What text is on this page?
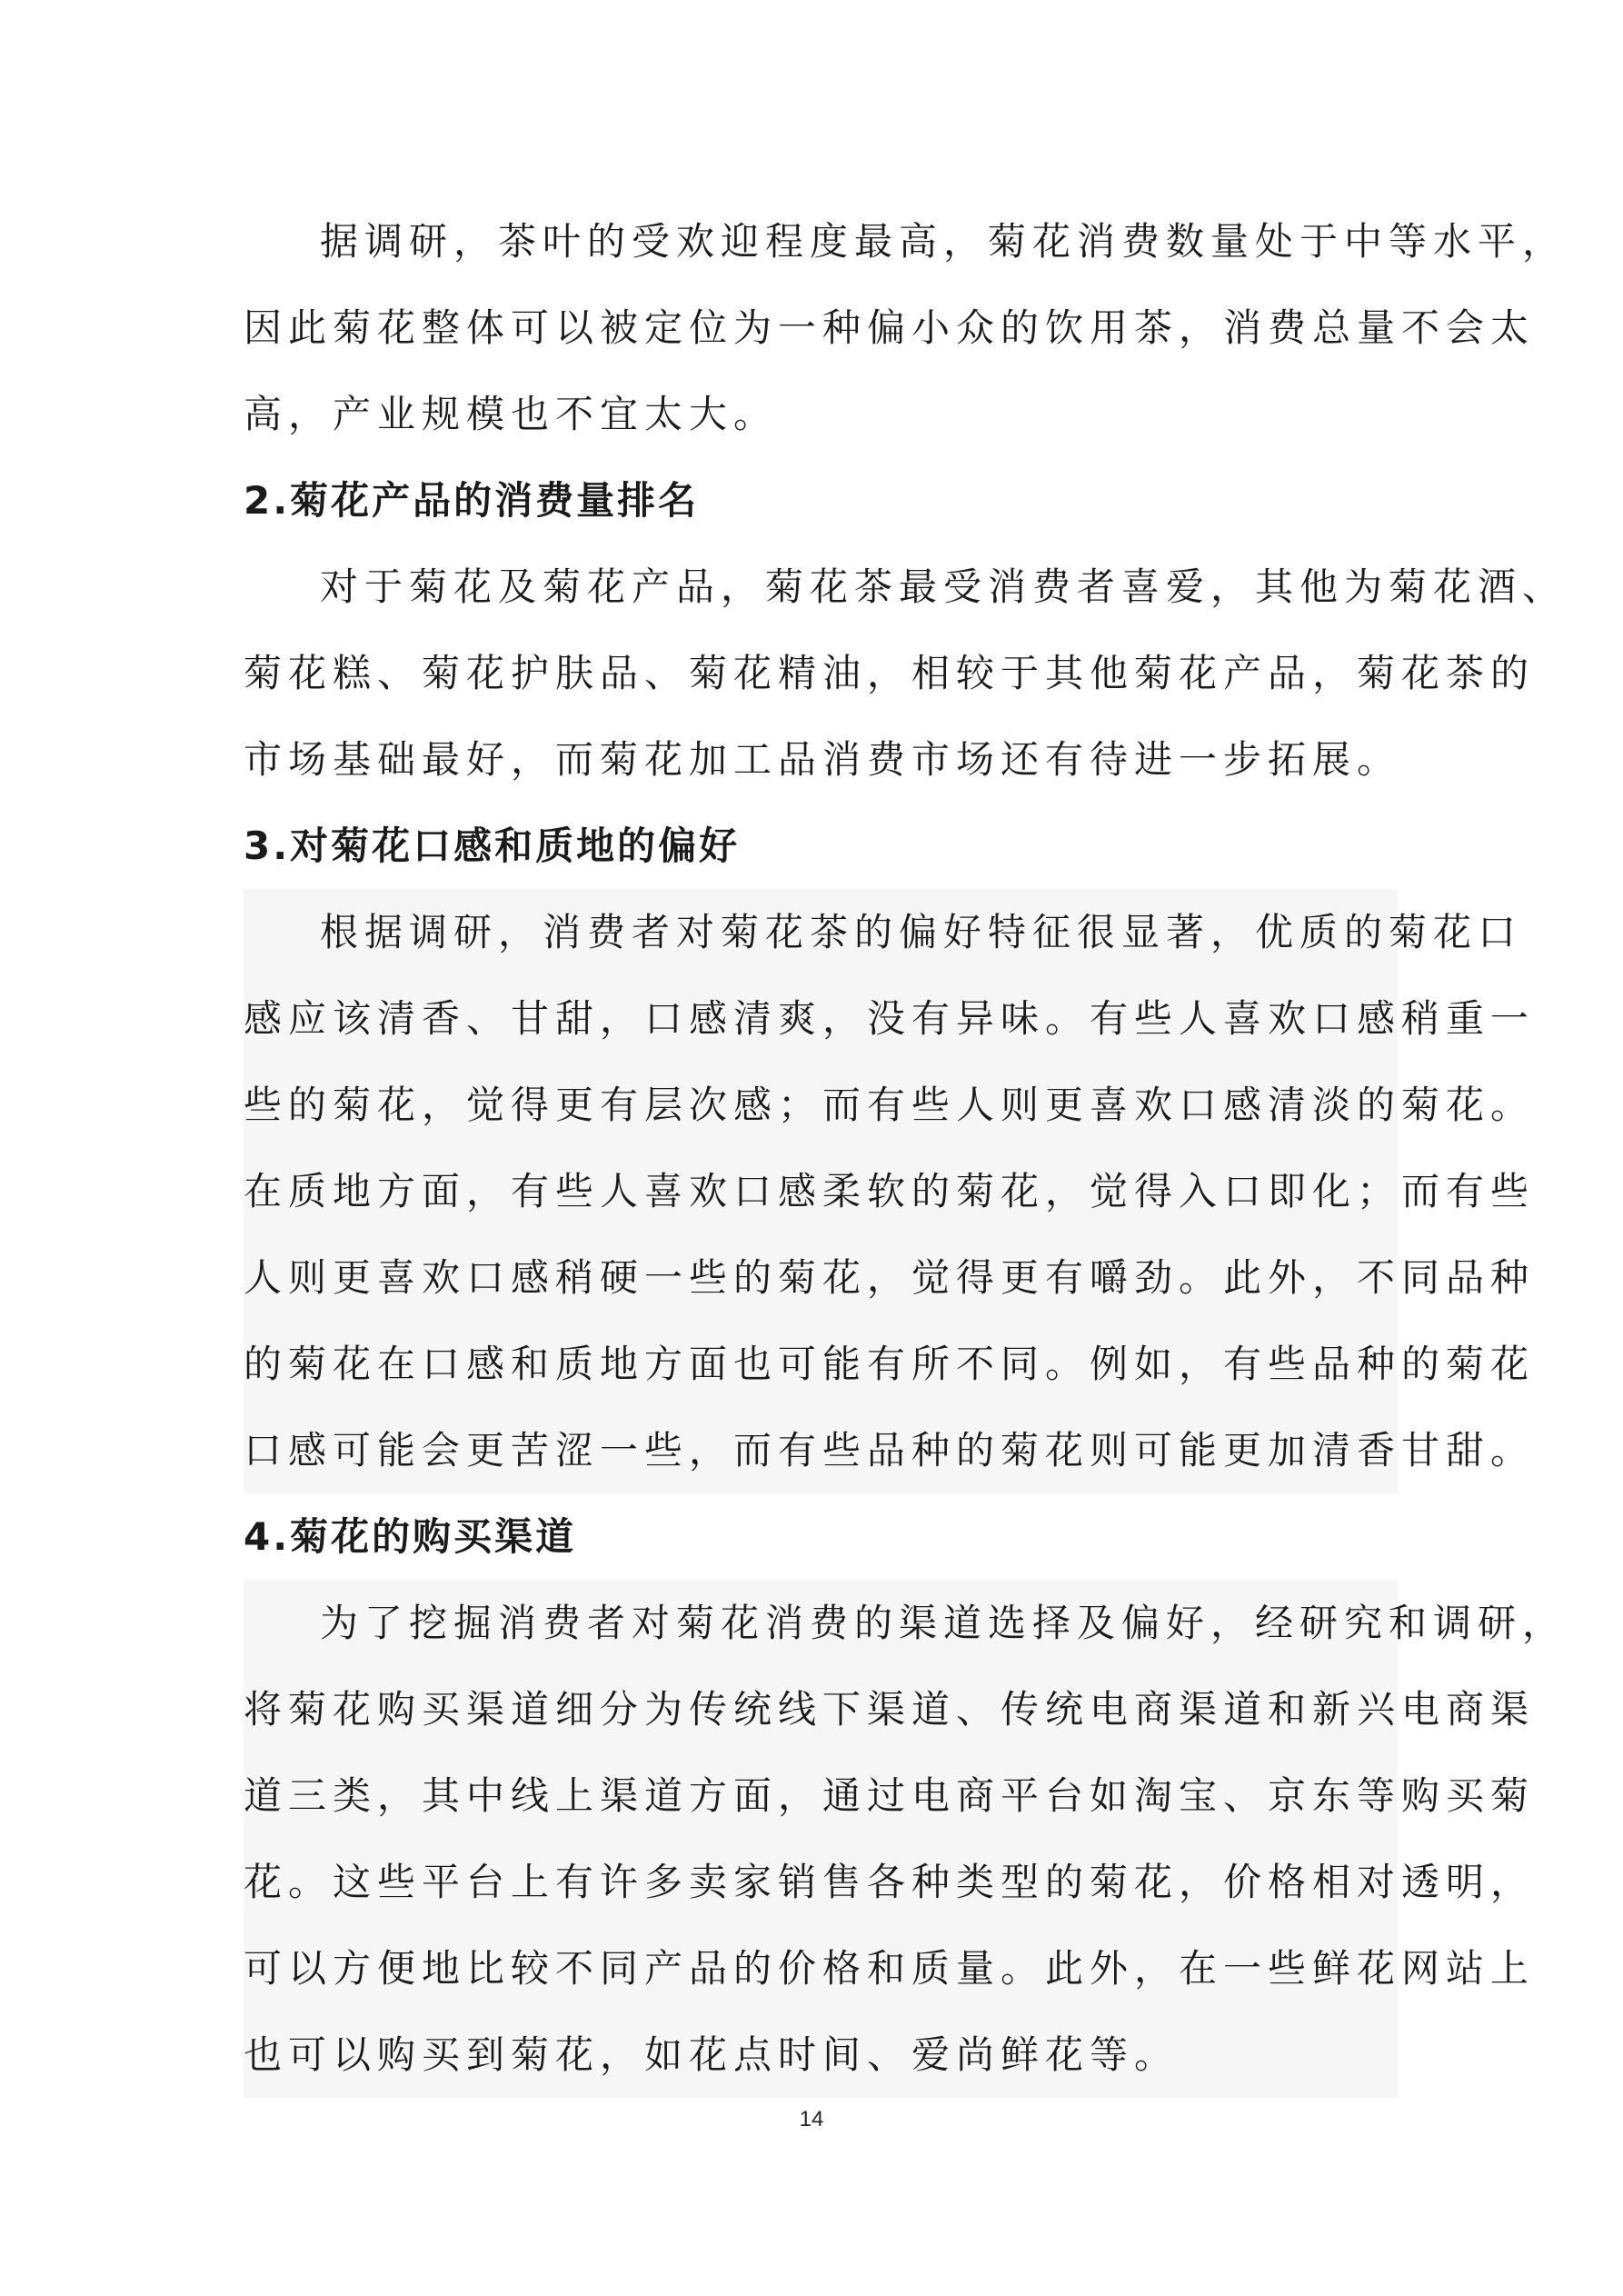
据调研，茶叶的受欢迎程度最高，菊花消费数量处于中等水平，
因此菊花整体可以被定位为一种偏小众的饮用茶，消费总量不会太
高，产业规模也不宜太大。
2.菊花产品的消费量排名
对于菊花及菊花产品，菊花茶最受消费者喜爱，其他为菊花酒、
菊花糕、菊花护肤品、菊花精油，相较于其他菊花产品，菊花茶的
市场基础最好，而菊花加工品消费市场还有待进一步拓展。
3.对菊花口感和质地的偏好
根据调研，消费者对菊花茶的偏好特征很显著，优质的菊花口
感应该清香、甘甜，口感清爽，没有异味。有些人喜欢口感稍重一
些的菊花，觉得更有层次感；而有些人则更喜欢口感清淡的菊花。
在质地方面，有些人喜欢口感柔软的菊花，觉得入口即化；而有些
人则更喜欢口感稍硬一些的菊花，觉得更有嚼劲。此外，不同品种
的菊花在口感和质地方面也可能有所不同。例如，有些品种的菊花
口感可能会更苦涩一些，而有些品种的菊花则可能更加清香甘甜。
4.菊花的购买渠道
为了挖掘消费者对菊花消费的渠道选择及偏好，经研究和调研，
将菊花购买渠道细分为传统线下渠道、传统电商渠道和新兴电商渠
道三类，其中线上渠道方面，通过电商平台如淘宝、京东等购买菊
花。这些平台上有许多卖家销售各种类型的菊花，价格相对透明，
可以方便地比较不同产品的价格和质量。此外，在一些鲜花网站上
也可以购买到菊花，如花点时间、爱尚鲜花等。
14
